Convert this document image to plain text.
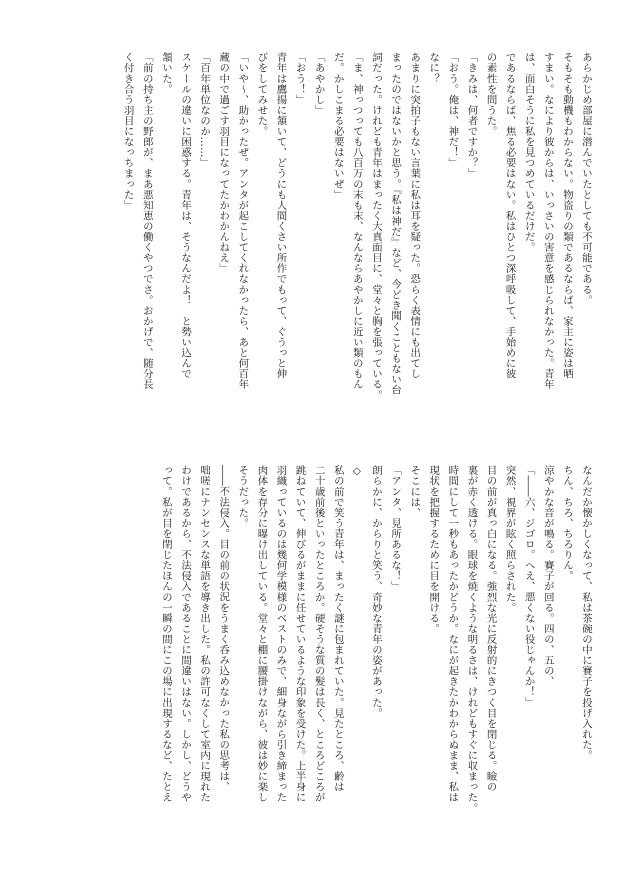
あらかじめ部屋に潜んでいたとしても不可能である。
そもそも動機もわからない。物盗りの類であるならば、家主に姿は晒
すまい。なにより彼からは、いっさいの害意を感じられなかった。青年
は、面白そうに私を見つめているだけだ。
であるならば、焦る必要はない。私はひとつ深呼吸して、手始めに彼
の素性を問うた。
「きみは、何者ですか？」
「おう。俺は、神だ！」
なに？
あまりに突拍子もない言葉に私は耳を疑った。恐らく表情にも出てし
まったのではないかと思う。『私は神だ』など、今どき聞くこともない台
詞だった。けれども青年はまったく大真面目に、堂々と胸を張っている。
「ま、神っつっても八百万の末も末、なんならあやかしに近い類のもん
だ。かしこまる必要はないぜ」
「あやかし」
「おう！」
青年は鷹揚に頷いて、どうにも人間くさい所作でもって、ぐうっと伸
びをしてみせた。
「いや～、助かったぜ。アンタが起こしてくれなかったら、あと何百年
蔵の中で過ごす羽目になってたかわかんねえ」
「百年単位なのか……」
スケールの違いに困惑する。青年は、そうなんだよ！　と勢い込んで
頷いた。
「前の持ち主の野郎が、まあ悪知恵の働くやつでさ。おかげで、随分長
く付き合う羽目になっちまった」
なんだか懐かしくなって、私は茶碗の中に賽子を投げ入れた。
ちん、ちろ、ちろりん。
涼やかな音が鳴る。賽子が回る。四の、五の、
「――六、ジゴロ。へえ、悪くない役じゃんか！」
突然、視界が眩く照らされた。
目の前が真っ白になる。強烈な光に反射的にきつく目を閉じる。瞼の
裏が赤く透ける。眼球を焼くような明るさは、けれどもすぐに収まった。
時間にして一秒もあったかどうか。なにが起きたかわからぬまま、私は
現状を把握するために目を開ける。
そこには、
「アンタ、見所あるな！」
朗らかに、からりと笑う、奇妙な青年の姿があった。
◇
私の前で笑う青年は、まったく謎に包まれていた。見たところ、齢は
二十歳前後といったところか。硬そうな質の髪は長く、ところどころが
跳ねていて、伸びるがままに任せているような印象を受けた。上半身に
羽織っているのは幾何学模様のベストのみで、細身ながら引き締まった
肉体を存分に曝け出している。堂々と棚に腰掛けながら、彼は妙に楽し
そうだった。
――不法侵入。目の前の状況をうまく呑み込めなかった私の思考は、
咄嗟にナンセンスな単語を導き出した。私の許可なくして室内に現れた
わけであるから、不法侵入であることに間違いはない。しかし、どうや
って。私が目を閉じたほんの一瞬の間にこの場に出現するなど、たとえ
